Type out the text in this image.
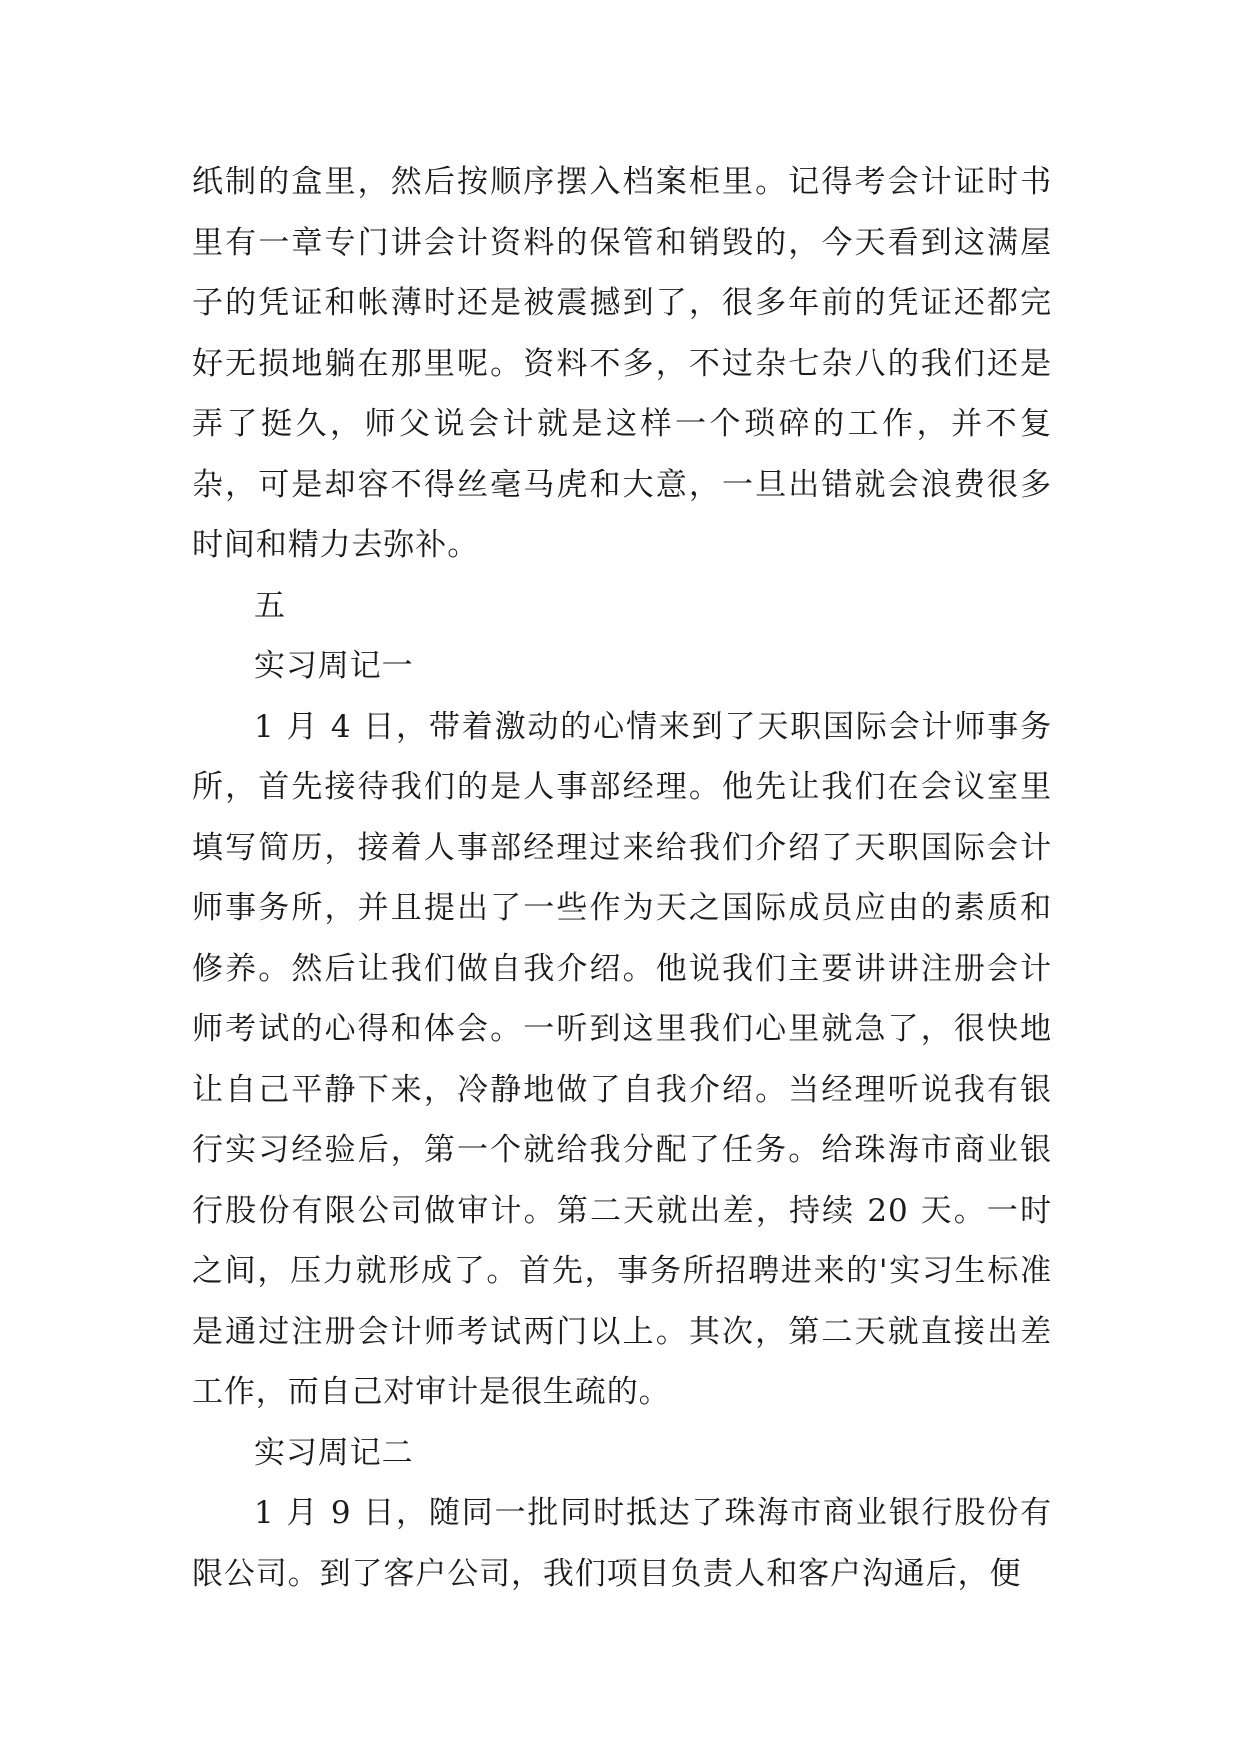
纸制的盒里，然后按顺序摆入档案柜里。记得考会计证时书里有一章专门讲会计资料的保管和销毁的，今天看到这满屋子的凭证和帐薄时还是被震撼到了，很多年前的凭证还都完好无损地躺在那里呢。资料不多，不过杂七杂八的我们还是弄了挺久，师父说会计就是这样一个琐碎的工作，并不复杂，可是却容不得丝毫马虎和大意，一旦出错就会浪费很多时间和精力去弥补。

五

实习周记一

1 月 4 日，带着激动的心情来到了天职国际会计师事务所，首先接待我们的是人事部经理。他先让我们在会议室里填写简历，接着人事部经理过来给我们介绍了天职国际会计师事务所，并且提出了一些作为天之国际成员应由的素质和修养。然后让我们做自我介绍。他说我们主要讲讲注册会计师考试的心得和体会。一听到这里我们心里就急了，很快地让自己平静下来，冷静地做了自我介绍。当经理听说我有银行实习经验后，第一个就给我分配了任务。给珠海市商业银行股份有限公司做审计。第二天就出差，持续 20 天。一时之间，压力就形成了。首先，事务所招聘进来的'实习生标准是通过注册会计师考试两门以上。其次，第二天就直接出差工作，而自己对审计是很生疏的。

实习周记二

1 月 9 日，随同一批同时抵达了珠海市商业银行股份有限公司。到了客户公司，我们项目负责人和客户沟通后，便
